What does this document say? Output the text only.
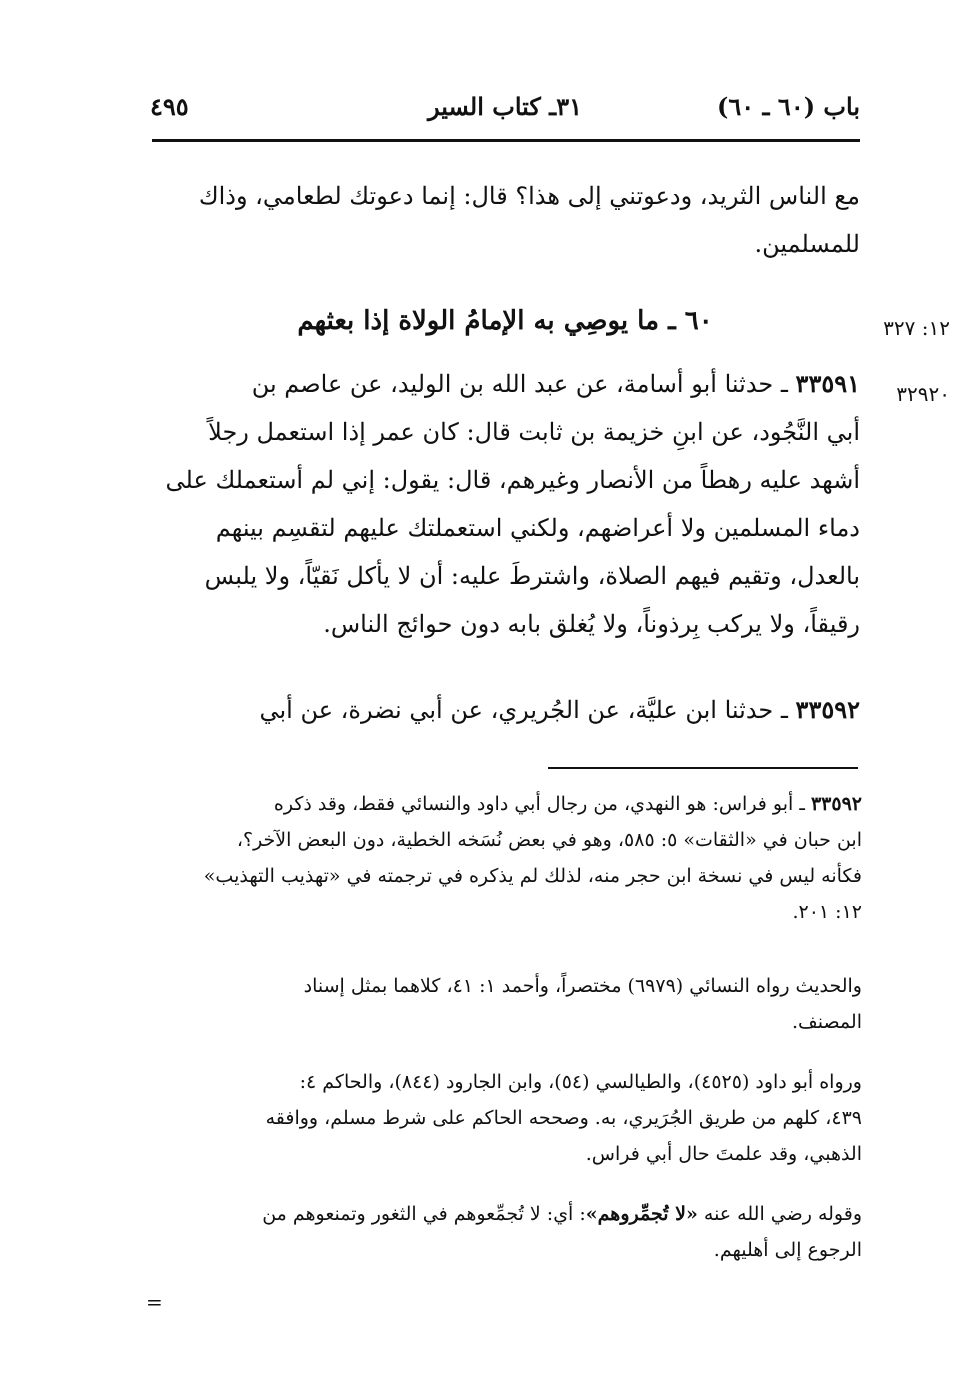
باب (٦٠ ـ ٦٠)
٣١ـ كتاب السير
٤٩٥
مع الناس الثريد، ودعوتني إلى هذا؟ قال: إنما دعوتك لطعامي، وذاك
للمسلمين.
١٢: ٣٢٧
٦٠ ـ ما يوصِي به الإمامُ الولاة إذا بعثهم
٣٢٩٢٠
٣٣٥٩١ ـ حدثنا أبو أسامة، عن عبد الله بن الوليد، عن عاصم بن
أبي النَّجُود، عن ابنِ خزيمة بن ثابت قال: كان عمر إذا استعمل رجلاً
أشهد عليه رهطاً من الأنصار وغيرهم، قال: يقول: إني لم أستعملك على
دماء المسلمين ولا أعراضهم، ولكني استعملتك عليهم لتقسِم بينهم
بالعدل، وتقيم فيهم الصلاة، واشترطَ عليه: أن لا يأكل نَقيّاً، ولا يلبس
رقيقاً، ولا يركب بِرذوناً، ولا يُغلق بابه دون حوائج الناس.
٣٣٥٩٢ ـ حدثنا ابن عليَّة، عن الجُريري، عن أبي نضرة، عن أبي
٣٣٥٩٢ ـ أبو فراس: هو النهدي، من رجال أبي داود والنسائي فقط، وقد ذكره
ابن حبان في «الثقات» ٥: ٥٨٥، وهو في بعض نُسَخه الخطية، دون البعض الآخر؟،
فكأنه ليس في نسخة ابن حجر منه، لذلك لم يذكره في ترجمته في «تهذيب التهذيب»
١٢: ٢٠١.
والحديث رواه النسائي (٦٩٧٩) مختصراً، وأحمد ١: ٤١، كلاهما بمثل إسناد
المصنف.
ورواه أبو داود (٤٥٢٥)، والطيالسي (٥٤)، وابن الجارود (٨٤٤)، والحاكم ٤:
٤٣٩، كلهم من طريق الجُرَيري، به. وصححه الحاكم على شرط مسلم، ووافقه
الذهبي، وقد علمتَ حال أبي فراس.
وقوله رضي الله عنه «لا تُجمِّروهم»: أي: لا تُجمِّعوهم في الثغور وتمنعوهم من
الرجوع إلى أهليهم.
=
